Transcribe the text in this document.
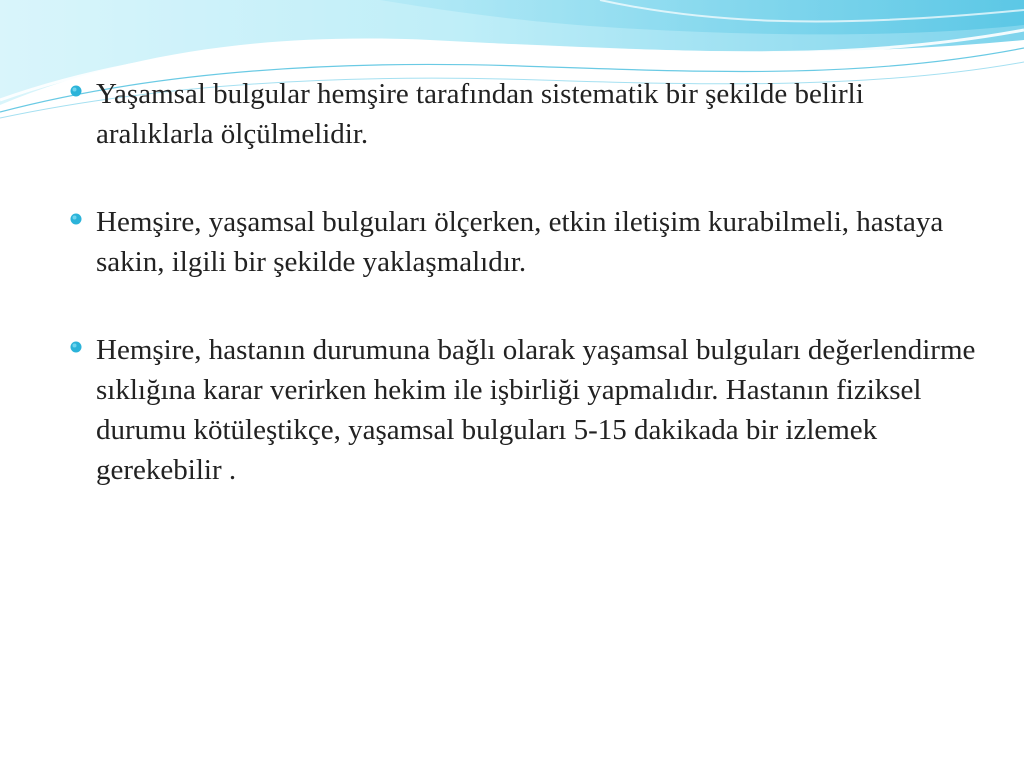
Yaşamsal bulgular hemşire tarafından sistematik bir şekilde belirli aralıklarla ölçülmelidir.
Hemşire, yaşamsal bulguları ölçerken, etkin iletişim kurabilmeli, hastaya sakin, ilgili bir şekilde yaklaşmalıdır.
Hemşire, hastanın durumuna bağlı olarak yaşamsal bulguları değerlendirme sıklığına karar verirken hekim ile işbirliği yapmalıdır. Hastanın fiziksel durumu kötüleştikçe, yaşamsal bulguları 5-15 dakikada bir izlemek gerekebilir .
